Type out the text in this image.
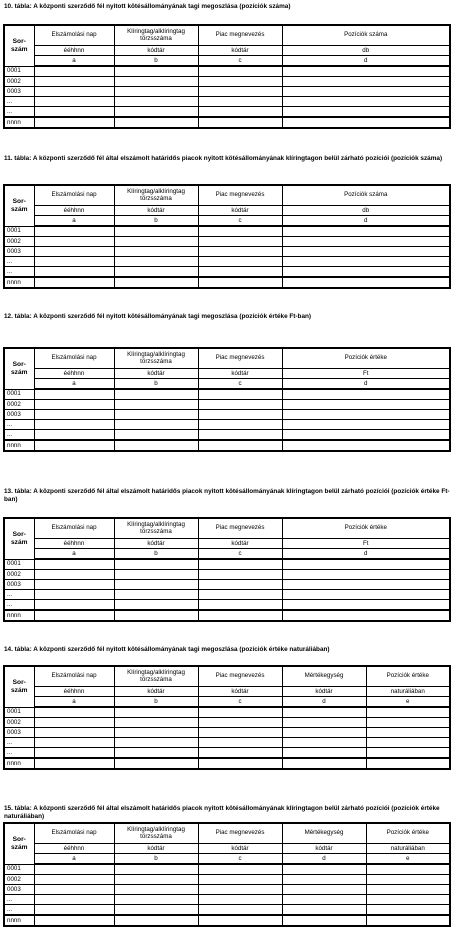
10. tábla: A központi szerződő fél nyitott kötésállományának tagi megoszlása (pozíciók száma)
Sor-szám	Elszámolási nap	Klíringtag/alklíringtag törzsszáma	Piac megnevezés	Pozíciók száma
	ééhhnn	kódtár	kódtár	db
	a	b	c	d
0001				
0002				
0003				
...				
...				
nnnn				
11. tábla: A központi szerződő fél által elszámolt határidős piacok nyitott kötésállományának klíringtagon belül zárható pozíciói (pozíciók száma)
Sor-szám	Elszámolási nap	Klíringtag/alklíringtag törzsszáma	Piac megnevezés	Pozíciók száma
	ééhhnn	kódtár	kódtár	db
	a	b	c	d
0001				
0002				
0003				
...				
...				
nnnn				
12. tábla: A központi szerződő fél nyitott kötésállományának tagi megoszlása (pozíciók értéke Ft-ban)
Sor-szám	Elszámolási nap	Klíringtag/alklíringtag törzsszáma	Piac megnevezés	Pozíciók értéke
	ééhhnn	kódtár	kódtár	Ft
	a	b	c	d
0001				
0002				
0003				
...				
...				
nnnn				
13. tábla: A központi szerződő fél által elszámolt határidős piacok nyitott kötésállományának klíringtagon belül zárható pozíciói (pozíciók értéke Ft-ban)
Sor-szám	Elszámolási nap	Klíringtag/alklíringtag törzsszáma	Piac megnevezés	Pozíciók értéke
	ééhhnn	kódtár	kódtár	Ft
	a	b	c	d
0001				
0002				
0003				
...				
...				
nnnn				
14. tábla: A központi szerződő fél nyitott kötésállományának tagi megoszlása (pozíciók értéke naturáliában)
Sor-szám	Elszámolási nap	Klíringtag/alklíringtag törzsszáma	Piac megnevezés	Mértékegység	Pozíciók értéke
	ééhhnn	kódtár	kódtár	kódtár	naturáliában
	a	b	c	d	e
0001					
0002					
0003					
...					
...					
nnnn					
15. tábla: A központi szerződő fél által elszámolt határidős piacok nyitott kötésállományának klíringtagon belül zárható pozíciói (pozíciók értéke naturáliában)
Sor-szám	Elszámolási nap	Klíringtag/alklíringtag törzsszáma	Piac megnevezés	Mértékegység	Pozíciók értéke
	ééhhnn	kódtár	kódtár	kódtár	naturáliában
	a	b	c	d	e
0001					
0002					
0003					
...					
...					
nnnn					
